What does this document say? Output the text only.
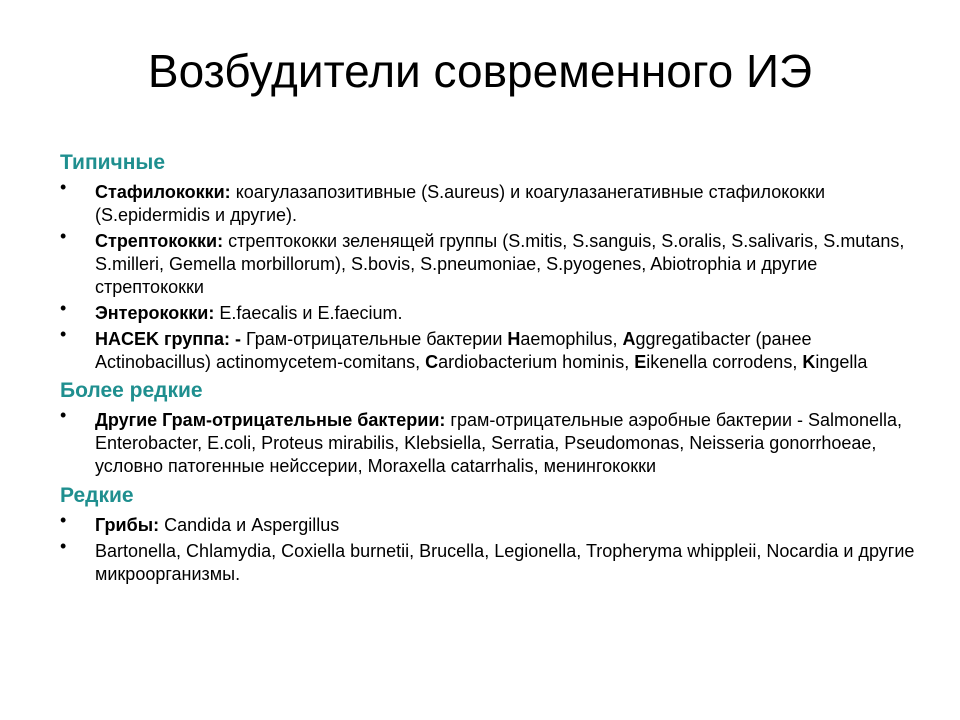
Возбудители современного ИЭ
Типичные
• Стафилококки: коагулазапозитивные (S.aureus) и коагулазанегативные стафилококки (S.epidermidis и другие).
• Стрептококки: стрептококки зеленящей группы (S.mitis, S.sanguis, S.oralis, S.salivaris, S.mutans, S.milleri, Gemella morbillorum), S.bovis, S.pneumoniae, S.pyogenes, Abiotrophia и другие стрептококки
• Энтерококки: E.faecalis и E.faecium.
• HACEK группа: - Грам-отрицательные бактерии Haemophilus, Aggregatibacter (ранее Actinobacillus) actinomycetem-comitans, Cardiobacterium hominis, Eikenella corrodens, Kingella
Более редкие
• Другие Грам-отрицательные бактерии: грам-отрицательные аэробные бактерии - Salmonella, Enterobacter, E.coli, Proteus mirabilis, Klebsiella, Serratia, Pseudomonas, Neisseria gonorrhoeae, условно патогенные нейссерии, Moraxella catarrhalis, менингококки
Редкие
• Грибы: Candida и Aspergillus
• Bartonella, Chlamydia, Coxiella burnetii, Brucella, Legionella, Tropheryma whippleii, Nocardia и другие микроорганизмы.
